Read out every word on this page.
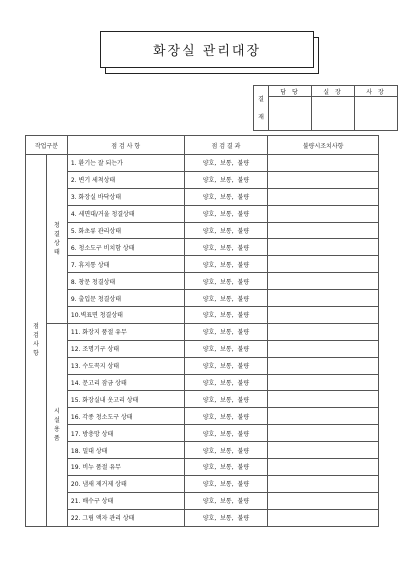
화장실 관리대장
결

재	담 당	실 장	사 장

작업구분		점 검 사 항	점 검 결 과	불량시조치사항
점
검
사
항	청
결
상
태	1. 환기는 잘 되는가	양호, 보통, 불량	
		2. 변기 세척상태	양호, 보통, 불량	
		3. 화장실 바닥상태	양호, 보통, 불량	
		4. 세면대/거울 청결상태	양호, 보통, 불량	
		5. 화초류 관리상태	양호, 보통, 불량	
		6. 청소도구 비치함 상태	양호, 보통, 불량	
		7. 휴지통 상태	양호, 보통, 불량	
		8. 창문 청결상태	양호, 보통, 불량	
		9. 출입문 청결상태	양호, 보통, 불량	
		10.벽표면 청결상태	양호, 보통, 불량	
	시
설
용
품	11. 화장지 품절 유무	양호, 보통, 불량	
		12. 조명기구 상태	양호, 보통, 불량	
		13. 수도꼭지 상태	양호, 보통, 불량	
		14. 문고리 잠금 상태	양호, 보통, 불량	
		15. 화장실내 옷고리 상태	양호, 보통, 불량	
		16. 각종 청소도구 상태	양호, 보통, 불량	
		17. 방충망 상태	양호, 보통, 불량	
		18. 밀대 상태	양호, 보통, 불량	
		19. 비누 품절 유무	양호, 보통, 불량	
		20. 냄새 제거제 상태	양호, 보통, 불량	
		21. 배수구 상태	양호, 보통, 불량	
		22. 그림 액자 관리 상태	양호, 보통, 불량	
